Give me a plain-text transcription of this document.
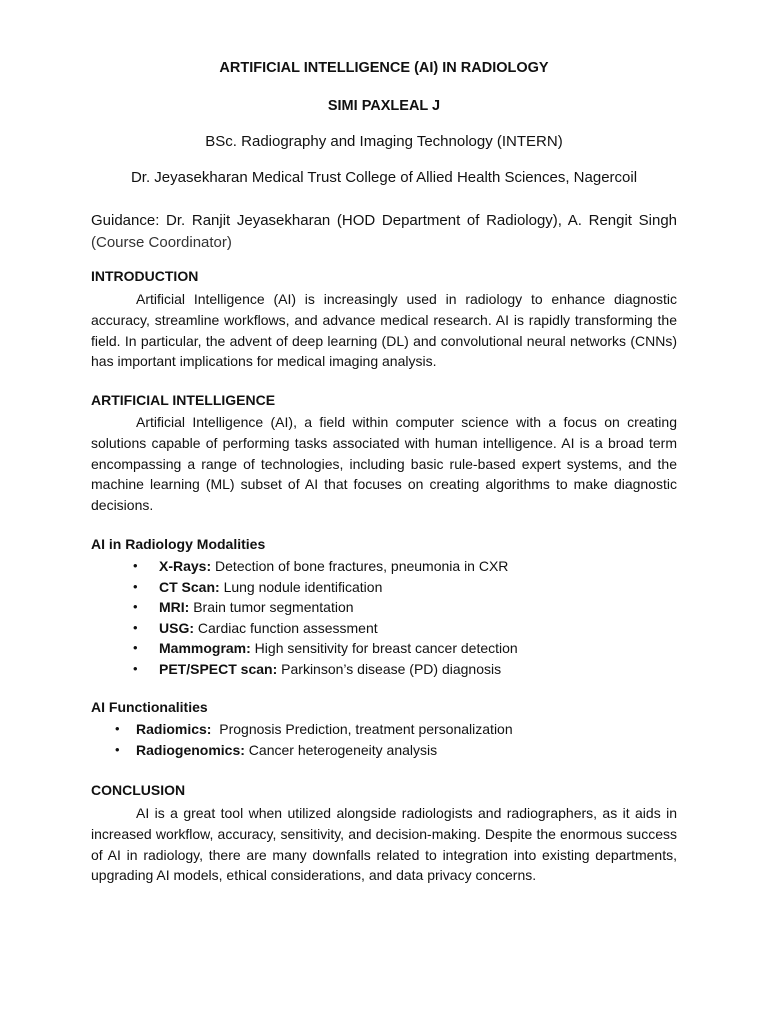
ARTIFICIAL INTELLIGENCE (AI) IN RADIOLOGY
SIMI PAXLEAL J
BSc. Radiography and Imaging Technology (INTERN)
Dr. Jeyasekharan Medical Trust College of Allied Health Sciences, Nagercoil
Guidance: Dr. Ranjit Jeyasekharan (HOD Department of Radiology), A. Rengit Singh (Course Coordinator)
INTRODUCTION
Artificial Intelligence (AI) is increasingly used in radiology to enhance diagnostic accuracy, streamline workflows, and advance medical research. AI is rapidly transforming the field. In particular, the advent of deep learning (DL) and convolutional neural networks (CNNs) has important implications for medical imaging analysis.
ARTIFICIAL INTELLIGENCE
Artificial Intelligence (AI), a field within computer science with a focus on creating solutions capable of performing tasks associated with human intelligence. AI is a broad term encompassing a range of technologies, including basic rule-based expert systems, and the machine learning (ML) subset of AI that focuses on creating algorithms to make diagnostic decisions.
AI in Radiology Modalities
• X-Rays: Detection of bone fractures, pneumonia in CXR
• CT Scan: Lung nodule identification
• MRI: Brain tumor segmentation
• USG: Cardiac function assessment
• Mammogram: High sensitivity for breast cancer detection
• PET/SPECT scan: Parkinson’s disease (PD) diagnosis
AI Functionalities
• Radiomics:  Prognosis Prediction, treatment personalization
• Radiogenomics: Cancer heterogeneity analysis
CONCLUSION
AI is a great tool when utilized alongside radiologists and radiographers, as it aids in increased workflow, accuracy, sensitivity, and decision-making. Despite the enormous success of AI in radiology, there are many downfalls related to integration into existing departments, upgrading AI models, ethical considerations, and data privacy concerns.
